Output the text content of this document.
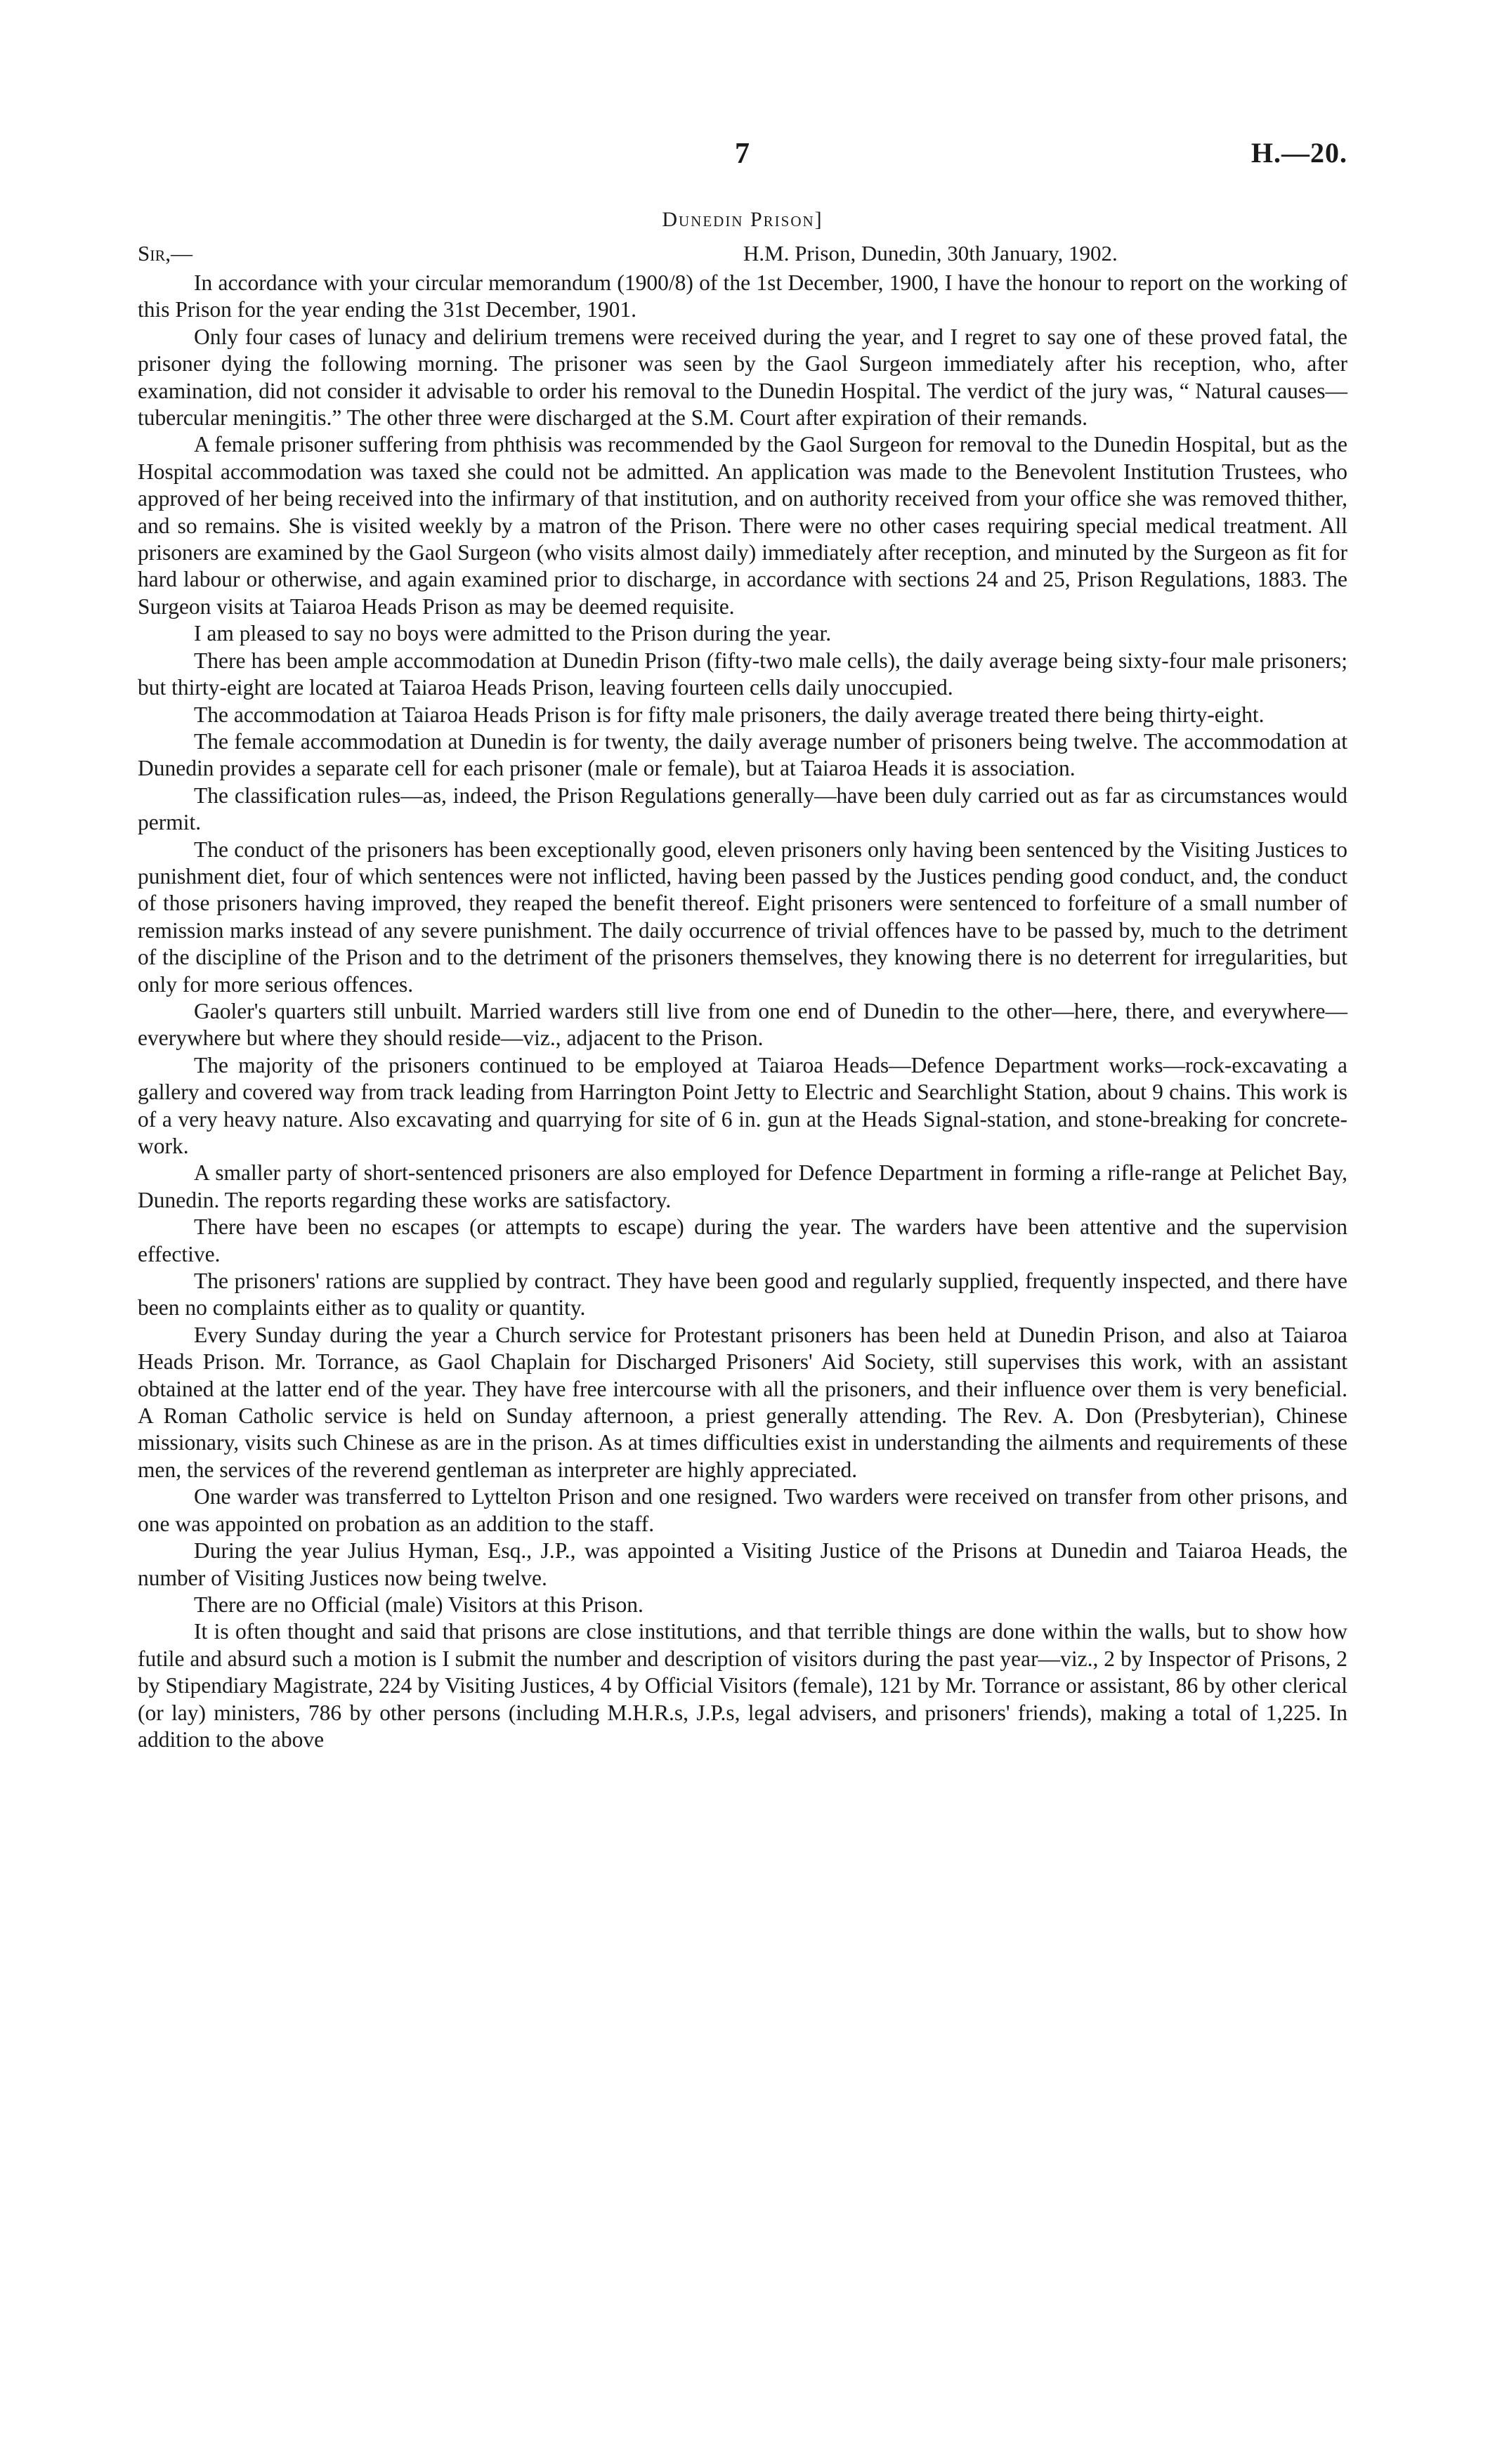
7	H.—20.
Dunedin Prison]
Sir,—	H.M. Prison, Dunedin, 30th January, 1902.

In accordance with your circular memorandum (1900/8) of the 1st December, 1900, I have the honour to report on the working of this Prison for the year ending the 31st December, 1901.

Only four cases of lunacy and delirium tremens were received during the year, and I regret to say one of these proved fatal, the prisoner dying the following morning. The prisoner was seen by the Gaol Surgeon immediately after his reception, who, after examination, did not consider it advisable to order his removal to the Dunedin Hospital. The verdict of the jury was, “ Natural causes—tubercular meningitis.” The other three were discharged at the S.M. Court after expiration of their remands.

A female prisoner suffering from phthisis was recommended by the Gaol Surgeon for removal to the Dunedin Hospital, but as the Hospital accommodation was taxed she could not be admitted. An application was made to the Benevolent Institution Trustees, who approved of her being received into the infirmary of that institution, and on authority received from your office she was removed thither, and so remains. She is visited weekly by a matron of the Prison. There were no other cases requiring special medical treatment. All prisoners are examined by the Gaol Surgeon (who visits almost daily) immediately after reception, and minuted by the Surgeon as fit for hard labour or otherwise, and again examined prior to discharge, in accordance with sections 24 and 25, Prison Regulations, 1883. The Surgeon visits at Taiaroa Heads Prison as may be deemed requisite.

I am pleased to say no boys were admitted to the Prison during the year.

There has been ample accommodation at Dunedin Prison (fifty-two male cells), the daily average being sixty-four male prisoners; but thirty-eight are located at Taiaroa Heads Prison, leaving fourteen cells daily unoccupied.

The accommodation at Taiaroa Heads Prison is for fifty male prisoners, the daily average treated there being thirty-eight.

The female accommodation at Dunedin is for twenty, the daily average number of prisoners being twelve. The accommodation at Dunedin provides a separate cell for each prisoner (male or female), but at Taiaroa Heads it is association.

The classification rules—as, indeed, the Prison Regulations generally—have been duly carried out as far as circumstances would permit.

The conduct of the prisoners has been exceptionally good, eleven prisoners only having been sentenced by the Visiting Justices to punishment diet, four of which sentences were not inflicted, having been passed by the Justices pending good conduct, and, the conduct of those prisoners having improved, they reaped the benefit thereof. Eight prisoners were sentenced to forfeiture of a small number of remission marks instead of any severe punishment. The daily occurrence of trivial offences have to be passed by, much to the detriment of the discipline of the Prison and to the detriment of the prisoners themselves, they knowing there is no deterrent for irregularities, but only for more serious offences.

Gaoler's quarters still unbuilt. Married warders still live from one end of Dunedin to the other—here, there, and everywhere—everywhere but where they should reside—viz., adjacent to the Prison.

The majority of the prisoners continued to be employed at Taiaroa Heads—Defence Department works—rock-excavating a gallery and covered way from track leading from Harrington Point Jetty to Electric and Searchlight Station, about 9 chains. This work is of a very heavy nature. Also excavating and quarrying for site of 6 in. gun at the Heads Signal-station, and stone-breaking for concrete-work.

A smaller party of short-sentenced prisoners are also employed for Defence Department in forming a rifle-range at Pelichet Bay, Dunedin. The reports regarding these works are satisfactory.

There have been no escapes (or attempts to escape) during the year. The warders have been attentive and the supervision effective.

The prisoners' rations are supplied by contract. They have been good and regularly supplied, frequently inspected, and there have been no complaints either as to quality or quantity.

Every Sunday during the year a Church service for Protestant prisoners has been held at Dunedin Prison, and also at Taiaroa Heads Prison. Mr. Torrance, as Gaol Chaplain for Discharged Prisoners' Aid Society, still supervises this work, with an assistant obtained at the latter end of the year. They have free intercourse with all the prisoners, and their influence over them is very beneficial. A Roman Catholic service is held on Sunday afternoon, a priest generally attending. The Rev. A. Don (Presbyterian), Chinese missionary, visits such Chinese as are in the prison. As at times difficulties exist in understanding the ailments and requirements of these men, the services of the reverend gentleman as interpreter are highly appreciated.

One warder was transferred to Lyttelton Prison and one resigned. Two warders were received on transfer from other prisons, and one was appointed on probation as an addition to the staff.

During the year Julius Hyman, Esq., J.P., was appointed a Visiting Justice of the Prisons at Dunedin and Taiaroa Heads, the number of Visiting Justices now being twelve.

There are no Official (male) Visitors at this Prison.

It is often thought and said that prisons are close institutions, and that terrible things are done within the walls, but to show how futile and absurd such a motion is I submit the number and description of visitors during the past year—viz., 2 by Inspector of Prisons, 2 by Stipendiary Magistrate, 224 by Visiting Justices, 4 by Official Visitors (female), 121 by Mr. Torrance or assistant, 86 by other clerical (or lay) ministers, 786 by other persons (including M.H.R.s, J.P.s, legal advisers, and prisoners' friends), making a total of 1,225. In addition to the above
